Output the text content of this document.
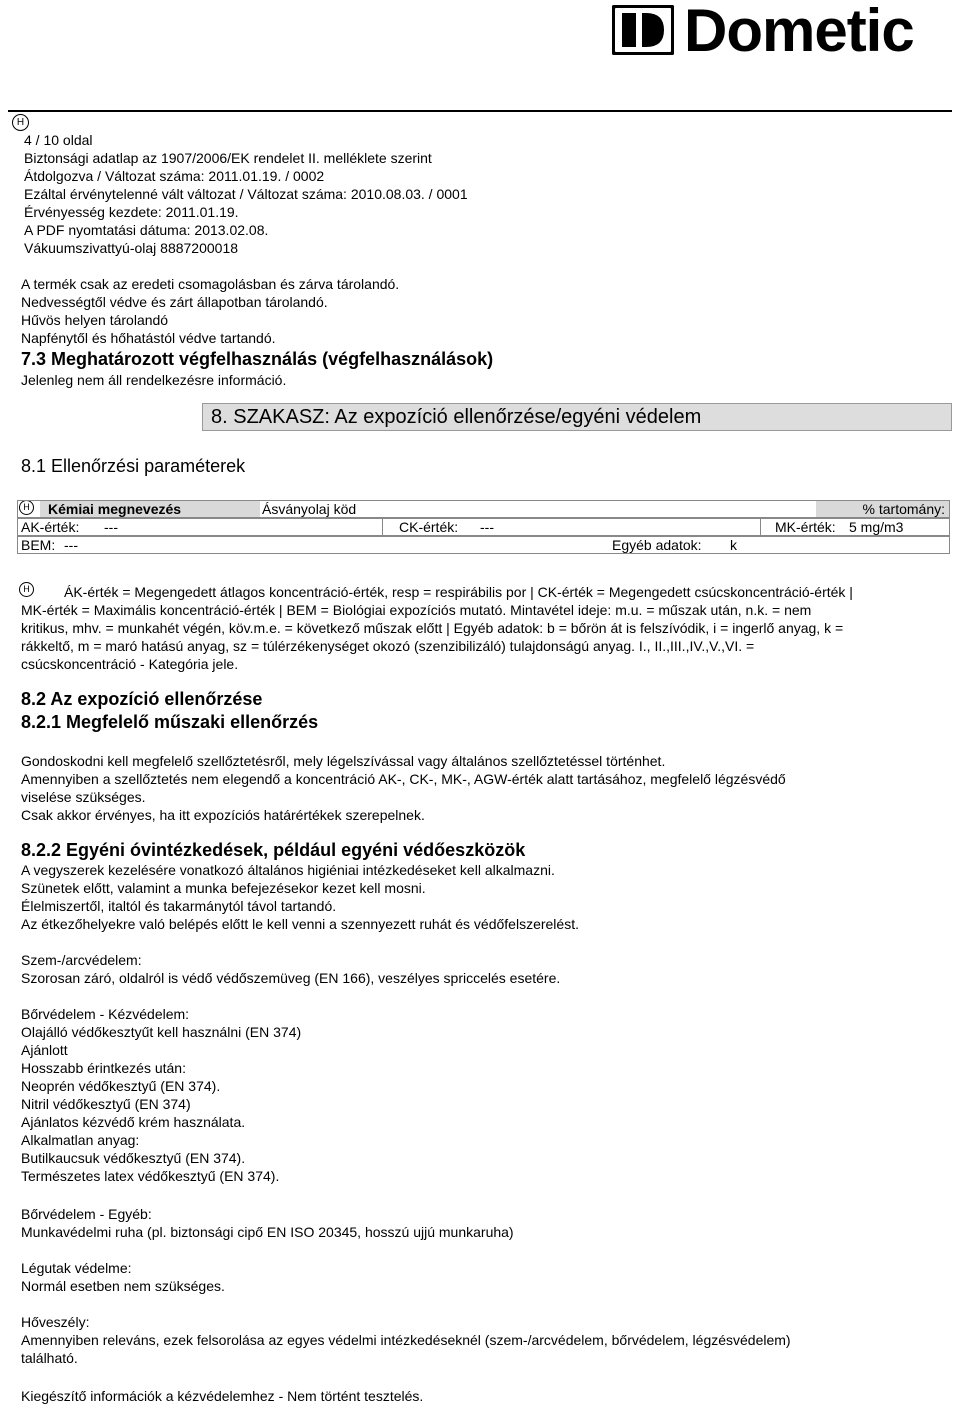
Dometic
H
4 / 10 oldal
Biztonsági adatlap az 1907/2006/EK rendelet II. melléklete szerint
Átdolgozva / Változat száma: 2011.01.19. / 0002
Ezáltal érvénytelenné vált változat / Változat száma: 2010.08.03. / 0001
Érvényesség kezdete: 2011.01.19.
A PDF nyomtatási dátuma: 2013.02.08.
Vákuumszivattyú-olaj 8887200018
A termék csak az eredeti csomagolásban és zárva tárolandó.
Nedvességtől védve és zárt állapotban tárolandó.
Hűvös helyen tárolandó
Napfénytől és hőhatástól védve tartandó.
7.3 Meghatározott végfelhasználás (végfelhasználások)
Jelenleg nem áll rendelkezésre információ.
8. SZAKASZ: Az expozíció ellenőrzése/egyéni védelem
8.1 Ellenőrzési paraméterek
H	Kémiai megnevezés	Ásványolaj köd	% tartomány:
AK-érték: ---	CK-érték: ---	MK-érték: 5 mg/m3
BEM: ---	Egyéb adatok: k
H	ÁK-érték = Megengedett átlagos koncentráció-érték, resp = respirábilis por | CK-érték = Megengedett csúcskoncentráció-érték |
MK-érték = Maximális koncentráció-érték | BEM = Biológiai expozíciós mutató. Mintavétel ideje: m.u. = műszak után, n.k. = nem
kritikus, mhv. = munkahét végén, köv.m.e. = következő műszak előtt | Egyéb adatok: b = bőrön át is felszívódik, i = ingerlő anyag, k =
rákkeltő, m = maró hatású anyag, sz = túlérzékenységet okozó (szenzibilizáló) tulajdonságú anyag. I., II.,III.,IV.,V.,VI. =
csúcskoncentráció - Kategória jele.
8.2 Az expozíció ellenőrzése
8.2.1 Megfelelő műszaki ellenőrzés
Gondoskodni kell megfelelő szellőztetésről, mely légelszívással vagy általános szellőztetéssel történhet.
Amennyiben a szellőztetés nem elegendő a koncentráció AK-, CK-, MK-, AGW-érték alatt tartásához, megfelelő légzésvédő
viselése szükséges.
Csak akkor érvényes, ha itt expozíciós határértékek szerepelnek.
8.2.2 Egyéni óvintézkedések, például egyéni védőeszközök
A vegyszerek kezelésére vonatkozó általános higiéniai intézkedéseket kell alkalmazni.
Szünetek előtt, valamint a munka befejezésekor kezet kell mosni.
Élelmiszertől, italtól és takarmánytól távol tartandó.
Az étkezőhelyekre való belépés előtt le kell venni a szennyezett ruhát és védőfelszerelést.
Szem-/arcvédelem:
Szorosan záró, oldalról is védő védőszemüveg (EN 166), veszélyes spriccelés esetére.
Bőrvédelem - Kézvédelem:
Olajálló védőkesztyűt kell használni (EN 374)
Ajánlott
Hosszabb érintkezés után:
Neoprén védőkesztyű (EN 374).
Nitril védőkesztyű (EN 374)
Ajánlatos kézvédő krém használata.
Alkalmatlan anyag:
Butilkaucsuk védőkesztyű (EN 374).
Természetes latex védőkesztyű (EN 374).
Bőrvédelem - Egyéb:
Munkavédelmi ruha (pl. biztonsági cipő EN ISO 20345, hosszú ujjú munkaruha)
Légutak védelme:
Normál esetben nem szükséges.
Hőveszély:
Amennyiben releváns, ezek felsorolása az egyes védelmi intézkedéseknél (szem-/arcvédelem, bőrvédelem, légzésvédelem)
található.
Kiegészítő információk a kézvédelemhez - Nem történt tesztelés.
